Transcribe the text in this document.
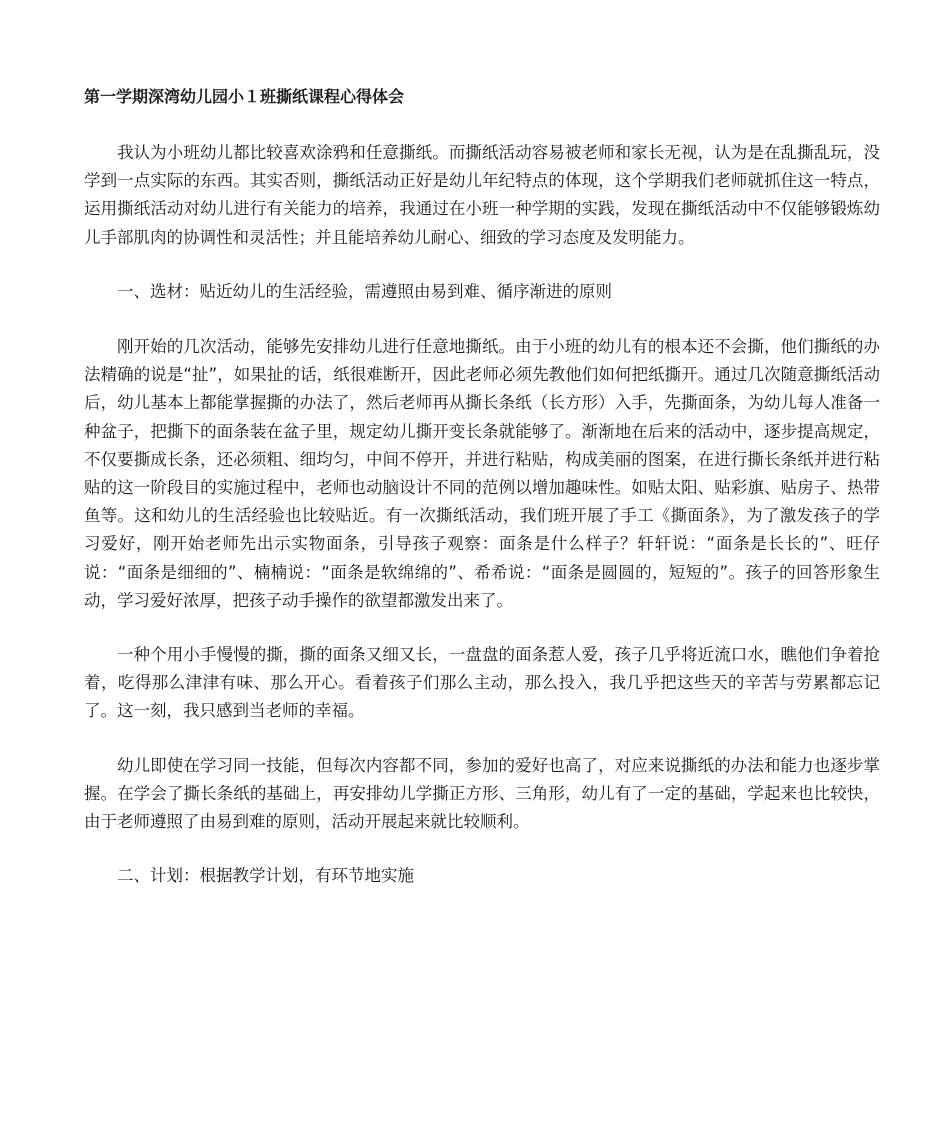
第一学期深湾幼儿园小１班撕纸课程心得体会

我认为小班幼儿都比较喜欢涂鸦和任意撕纸。而撕纸活动容易被老师和家长无视，认为是在乱撕乱玩，没学到一点实际的东西。其实否则，撕纸活动正好是幼儿年纪特点的体现，这个学期我们老师就抓住这一特点，运用撕纸活动对幼儿进行有关能力的培养，我通过在小班一种学期的实践，发现在撕纸活动中不仅能够锻炼幼儿手部肌肉的协调性和灵活性；并且能培养幼儿耐心、细致的学习态度及发明能力。

一、选材：贴近幼儿的生活经验，需遵照由易到难、循序渐进的原则

刚开始的几次活动，能够先安排幼儿进行任意地撕纸。由于小班的幼儿有的根本还不会撕，他们撕纸的办法精确的说是“扯”，如果扯的话，纸很难断开，因此老师必须先教他们如何把纸撕开。通过几次随意撕纸活动后，幼儿基本上都能掌握撕的办法了，然后老师再从撕长条纸（长方形）入手，先撕面条，为幼儿每人准备一种盆子，把撕下的面条装在盆子里，规定幼儿撕开变长条就能够了。渐渐地在后来的活动中，逐步提高规定，不仅要撕成长条，还必须粗、细均匀，中间不停开，并进行粘贴，构成美丽的图案，在进行撕长条纸并进行粘贴的这一阶段目的实施过程中，老师也动脑设计不同的范例以增加趣味性。如贴太阳、贴彩旗、贴房子、热带鱼等。这和幼儿的生活经验也比较贴近。有一次撕纸活动，我们班开展了手工《撕面条》，为了激发孩子的学习爱好，刚开始老师先出示实物面条，引导孩子观察：面条是什么样子？轩轩说：“面条是长长的”、旺仔说：“面条是细细的”、楠楠说：“面条是软绵绵的”、希希说：“面条是圆圆的，短短的”。孩子的回答形象生动，学习爱好浓厚，把孩子动手操作的欲望都激发出来了。

一种个用小手慢慢的撕，撕的面条又细又长，一盘盘的面条惹人爱，孩子几乎将近流口水，瞧他们争着抢着，吃得那么津津有味、那么开心。看着孩子们那么主动，那么投入，我几乎把这些天的辛苦与劳累都忘记了。这一刻，我只感到当老师的幸福。

幼儿即使在学习同一技能，但每次内容都不同，参加的爱好也高了，对应来说撕纸的办法和能力也逐步掌握。在学会了撕长条纸的基础上，再安排幼儿学撕正方形、三角形，幼儿有了一定的基础，学起来也比较快，由于老师遵照了由易到难的原则，活动开展起来就比较顺利。

二、计划：根据教学计划，有环节地实施
